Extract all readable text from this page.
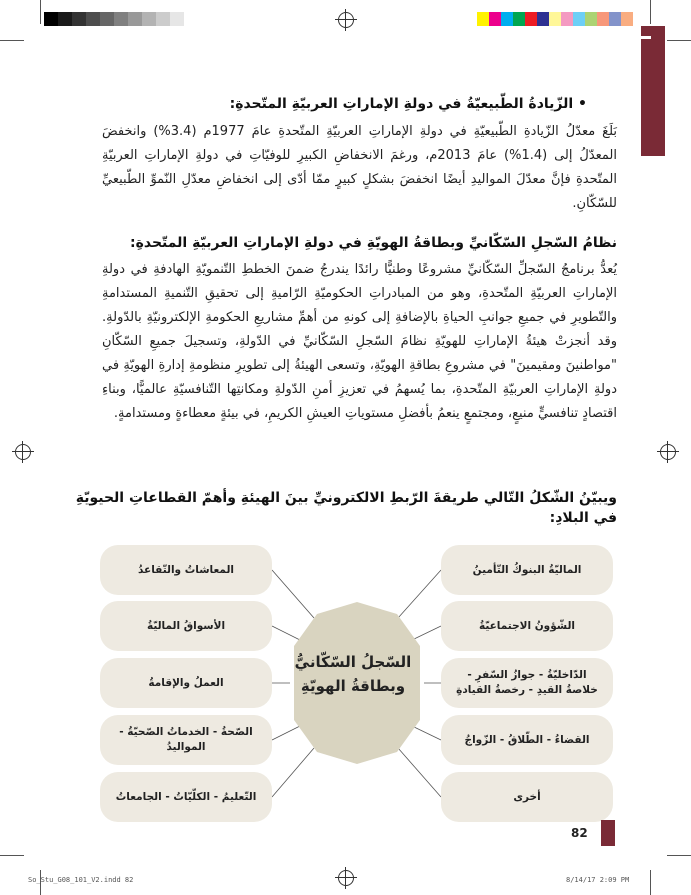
• الزّيادةُ الطّبيعيّةُ في دولةِ الإماراتِ العربيّةِ المتّحدةِ:

بَلَغَ معدّلُ الزّيادةِ الطّبيعيّةِ في دولةِ الإماراتِ العربيّةِ المتّحدةِ عامَ 1977م (3.4%) وانخفضَ المعدّلُ إلى (1.4%) عامَ 2013م، ورغمَ الانخفاضِ الكبيرِ للوفيّاتِ في دولةِ الإماراتِ العربيّةِ المتّحدةِ فإنَّ معدّلَ المواليدِ أيضًا انخفضَ بشكلٍ كبيرٍ ممّا أدّى إلى انخفاضِ معدّلِ النّموِّ الطّبيعيِّ للسّكّانِ.

نظامُ السّجلِ السّكّانيِّ وبطاقةُ الهويّةِ في دولةِ الإماراتِ العربيّةِ المتّحدةِ:

يُعدُّ برنامجُ السّجلِّ السّكّانيِّ مشروعًا وطنيًّا رائدًا يندرجُ ضمنَ الخططِ التّنمويّةِ الهادفةِ في دولةِ الإماراتِ العربيّةِ المتّحدةِ، وهو من المبادراتِ الحكوميّةِ الرّاميةِ إلى تحقيقِ التّنميةِ المستدامةِ والتّطويرِ في جميعِ جوانبِ الحياةِ بالإضافةِ إلى كونهِ من أهمِّ مشاريعِ الحكومةِ الإلكترونيّةِ بالدّولةِ. وقد أنجزتْ هيئةُ الإماراتِ للهويّةِ نظامَ السّجلِ السّكّانيِّ في الدّولةِ، وتسجيلَ جميعِ السّكّانِ "مواطنينَ ومقيمينَ" في مشروعِ بطاقةِ الهويّةِ، وتسعى الهيئةُ إلى تطويرِ منظومةِ إدارةِ الهويّةِ في دولةِ الإماراتِ العربيّةِ المتّحدةِ، بما يُسهمُ في تعزيزِ أمنِ الدّولةِ ومكانتِها التّنافسيّةِ عالميًّا، وبناءِ اقتصادٍ تنافسيٍّ منيعٍ، ومجتمعٍ ينعمُ بأفضلِ مستوياتِ العيشِ الكريمِ، في بيئةٍ معطاءةٍ ومستدامةٍ.

ويبيّنُ الشّكلُ التّالي طريقةَ الرّبطِ الالكترونيِّ بينَ الهيئةِ وأهمّ القطاعاتِ الحيويّةِ
في البلادِ:
السّجلُ السّكّانيُّ
وبطاقةُ الهويّةِ
الماليّةُ البنوكُ التّأمينُ
الشّؤونُ الاجتماعيّةُ
الدّاخليّةُ - جوازُ السّفرِ - خلاصةُ القيدِ - رخصةُ القيادةِ
القضاءُ - الطّلاقُ - الزّواجُ
أخرى
المعاشاتُ والتّقاعدُ
الأسواقُ الماليّةُ
العملُ والإقامةُ
الصّحةُ - الخدماتُ الصّحيّةُ - المواليدُ
التّعليمُ - الكلّيّاتُ - الجامعاتُ
82
So_Stu_G08_101_V2.indd 82	8/14/17 2:09 PM
